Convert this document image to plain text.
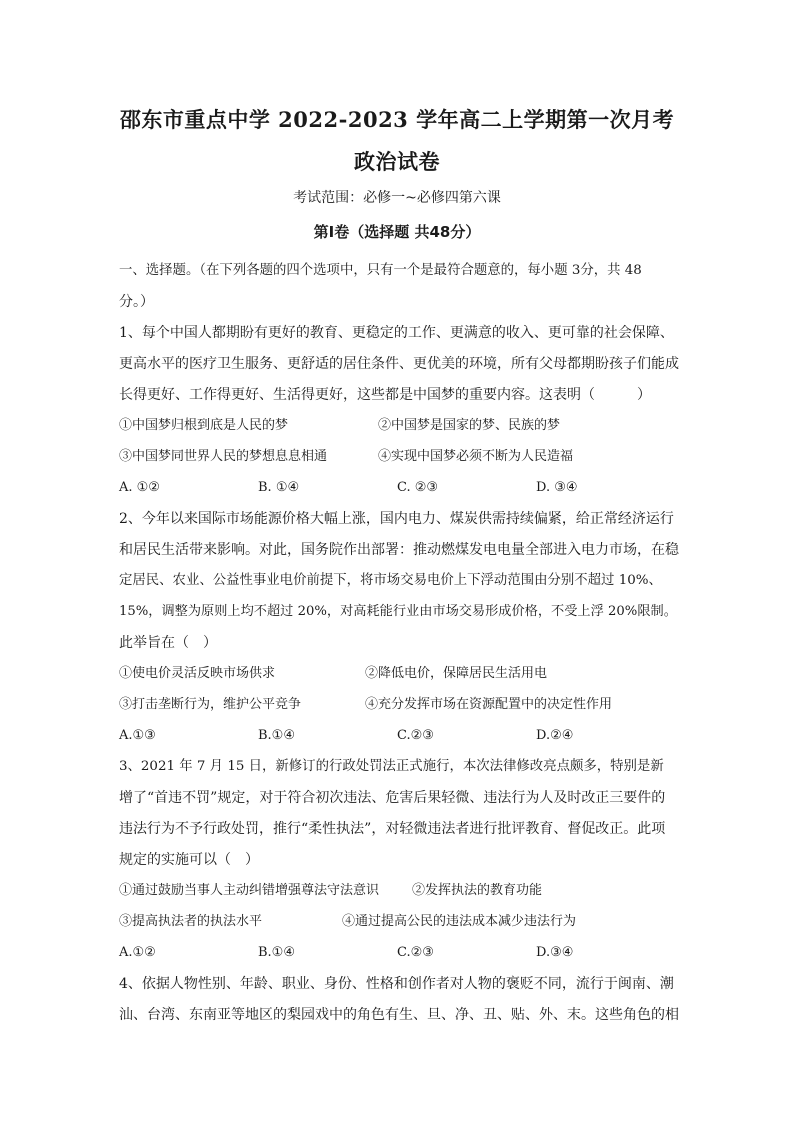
邵东市重点中学 2022-2023 学年高二上学期第一次月考
政治试卷
考试范围：必修一~必修四第六课
第I卷（选择题 共48分）
一、选择题。（在下列各题的四个选项中，只有一个是最符合题意的，每小题 3分，共 48
分。）
1、每个中国人都期盼有更好的教育、更稳定的工作、更满意的收入、更可靠的社会保障、
更高水平的医疗卫生服务、更舒适的居住条件、更优美的环境，所有父母都期盼孩子们能成
长得更好、工作得更好、生活得更好，这些都是中国梦的重要内容。这表明（　　　）
①中国梦归根到底是人民的梦	②中国梦是国家的梦、民族的梦
③中国梦同世界人民的梦想息息相通	④实现中国梦必须不断为人民造福
A. ①②	B. ①④	C. ②③	D. ③④
2、今年以来国际市场能源价格大幅上涨，国内电力、煤炭供需持续偏紧，给正常经济运行
和居民生活带来影响。对此，国务院作出部署：推动燃煤发电电量全部进入电力市场，在稳
定居民、农业、公益性事业电价前提下，将市场交易电价上下浮动范围由分别不超过 10%、
15%，调整为原则上均不超过 20%，对高耗能行业由市场交易形成价格，不受上浮 20%限制。
此举旨在（　）
①使电价灵活反映市场供求	②降低电价，保障居民生活用电
③打击垄断行为，维护公平竞争	④充分发挥市场在资源配置中的决定性作用
A.①③	B.①④	C.②③	D.②④
3、2021 年 7 月 15 日，新修订的行政处罚法正式施行，本次法律修改亮点颇多，特别是新
增了“首违不罚”规定，对于符合初次违法、危害后果轻微、违法行为人及时改正三要件的
违法行为不予行政处罚，推行“柔性执法”，对轻微违法者进行批评教育、督促改正。此项
规定的实施可以（　）
①通过鼓励当事人主动纠错增强尊法守法意识	②发挥执法的教育功能
③提高执法者的执法水平	④通过提高公民的违法成本减少违法行为
A.①②	B.①④	C.②③	D.③④
4、依据人物性别、年龄、职业、身份、性格和创作者对人物的褒贬不同，流行于闽南、潮
汕、台湾、东南亚等地区的梨园戏中的角色有生、旦、净、丑、贴、外、末。这些角色的相
